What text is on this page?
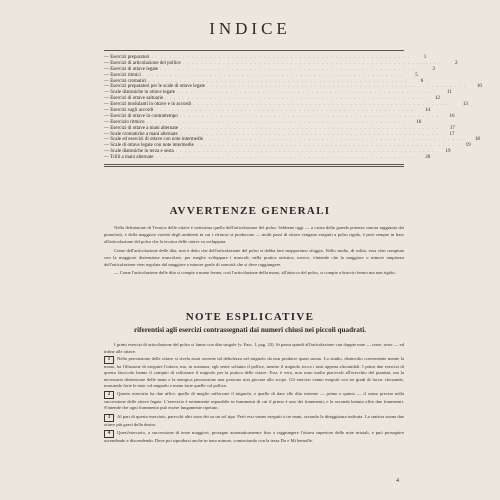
INDICE
— Esercizi preparatori . . . . . . . . . . . . . . . . . . . . . . . . . . . . . . . . . . . . . . . . . . . . . . . . . . . . . . . . . .	1
— Esercizi di articolazione del pollice . . . . . . . . . . . . . . . . . . . . . . . . . . . . . . . . . . . . . . . . . . . . . . . . . . . . . . . . . .	2
— Esercizi di ottave legate . . . . . . . . . . . . . . . . . . . . . . . . . . . . . . . . . . . . . . . . . . . . . . . . . . . . . . . . . .	3
— Esercizi ritmici . . . . . . . . . . . . . . . . . . . . . . . . . . . . . . . . . . . . . . . . . . . . . . . . . . . . . . . . . .	5
— Esercizi cromatici . . . . . . . . . . . . . . . . . . . . . . . . . . . . . . . . . . . . . . . . . . . . . . . . . . . . . . . . . .	6
— Esercizi preparatori per le scale di ottave legate . . . . . . . . . . . . . . . . . . . . . . . . . . . . . . . . . . . . . . . . . . . . . . . . . . . . . . . . . .	10
— Scale diatoniche in ottave legate . . . . . . . . . . . . . . . . . . . . . . . . . . . . . . . . . . . . . . . . . . . . . . . . . . . . . . . . . .	11
— Esercizi di ottave saltuarie . . . . . . . . . . . . . . . . . . . . . . . . . . . . . . . . . . . . . . . . . . . . . . . . . . . . . . . . . .	12
— Esercizi modulanti in ottave e in accordi . . . . . . . . . . . . . . . . . . . . . . . . . . . . . . . . . . . . . . . . . . . . . . . . . . . . . . . . . .	13
— Esercizi sugli accordi . . . . . . . . . . . . . . . . . . . . . . . . . . . . . . . . . . . . . . . . . . . . . . . . . . . . . . . . . .	14
— Esercizi di ottave in contrattempo . . . . . . . . . . . . . . . . . . . . . . . . . . . . . . . . . . . . . . . . . . . . . . . . . . . . . . . . . .	16
— Esercizio ritmico . . . . . . . . . . . . . . . . . . . . . . . . . . . . . . . . . . . . . . . . . . . . . . . . . . . . . . . . . .	16
— Esercizi di ottave a mani alternate . . . . . . . . . . . . . . . . . . . . . . . . . . . . . . . . . . . . . . . . . . . . . . . . . . . . . . . . . .	17
— Scale cromatiche a mani alternate . . . . . . . . . . . . . . . . . . . . . . . . . . . . . . . . . . . . . . . . . . . . . . . . . . . . . . . . . .	17
— Scale ed esercizi di ottave con note intermedie . . . . . . . . . . . . . . . . . . . . . . . . . . . . . . . . . . . . . . . . . . . . . . . . . . . . . . . . . .	18
— Scale di ottave legate con note intermedie . . . . . . . . . . . . . . . . . . . . . . . . . . . . . . . . . . . . . . . . . . . . . . . . . . . . . . . . . .	19
— Scale diatoniche in terza e sesta . . . . . . . . . . . . . . . . . . . . . . . . . . . . . . . . . . . . . . . . . . . . . . . . . . . . . . . . . .	19
— Trilli a mani alternate . . . . . . . . . . . . . . . . . . . . . . . . . . . . . . . . . . . . . . . . . . . . . . . . . . . . . . . . . .	20
AVVERTENZE GENERALI

Nella definizione di Tecnica delle ottave è notissima quella dell'articolazione del polso. Sebbene oggi — a causa della grande potenza sonora raggiunta dai pianoforti, e della maggiore varietà degli ambienti in cui i virtuosi si producono — molti passi di ottave vengano eseguiti a polso rigido, è però sempre in base all'articolazione del polso che la tecnica delle ottave va sviluppata.

Come dell'articolazione delle dita, non è detto che dell'articolazione del polso si debba fare inopportuno sfoggio. Nello studio, di solito, essa vien compiuta con la maggiore distensione muscolare, per meglio sviluppare i muscoli; nella pratica artistica, invece, s'intende che la maggiore o minore ampiezza dell'articolazione vien regolata dal maggiore o minore grado di sonorità che si deve raggiungere.

— Come l'articolazione delle dita si compie a mano ferma, così l'articolazione della mano, all'attacco del polso, si compie a braccio fermo ma non rigido.

NOTE ESPLICATIVE
riferentisi agli esercizi contrassegnati dai numeri chiusi nei piccoli quadrati.

I primi esercizi di articolazione del polso si fanno con dita singole (v. Fasc. I, pag. 23). Si passa quindi all'articolazione con doppie note — terze, seste — ed infine alle ottave.

1 Nella percussione delle ottave si rivela assai sovente tal debolezza nel mignolo da non produrre quasi suono. Lo studio, disinvolto conveniente mente la mano, ha l'illusione di eseguire l'ottava, ma, in sostanza, egli sente soltanto il pollice, mentre il mignolo tocca i tasti appena sfiorandoli. I primi due esercizi di questo fascicolo hanno il compito di rafforzare il mignolo per la pratica delle ottave. Essi, è vero, non sono molto piacevoli all'orecchio del pianista, ma la necessaria distensione delle mani e la energica percussione non possono non giovare allo scopo. Gli esercizi vanno eseguiti con tre gradi di forza: sforzando, marcando forte le note col mignolo e meno forte quelle col pollice.
2 Questo esercizio ha due uffici: quello di meglio rafforzare il mignolo, e quello di dare alle dita estreme — primo e quinto — il senso preciso nella successione delle ottave legate. L'esercizio è nettamente separabile in frammenti di cui il primo è uno dei frammenti, e la seconda battuta offre due frammenti. S'intende che ogni frammento può essere lungamente ripetuto.
3 Al pari di questo esercizio, parecchi altri sono dei su un sol tipo. Però essi vanno eseguiti a tre mani, secondo la diteggiatura indicata. La sinistra suona due ottave più gravi della destra.
4 Quest'esercizio, a successione di terze maggiori, prosegue automaticamente fino a raggiungere l'ottava superiore delle note iniziali, e può proseguire ascendendo e discendendo. Deve poi riprodursi anche in tono minore, cominciando con la terza Do e Mi bemolle.
4
